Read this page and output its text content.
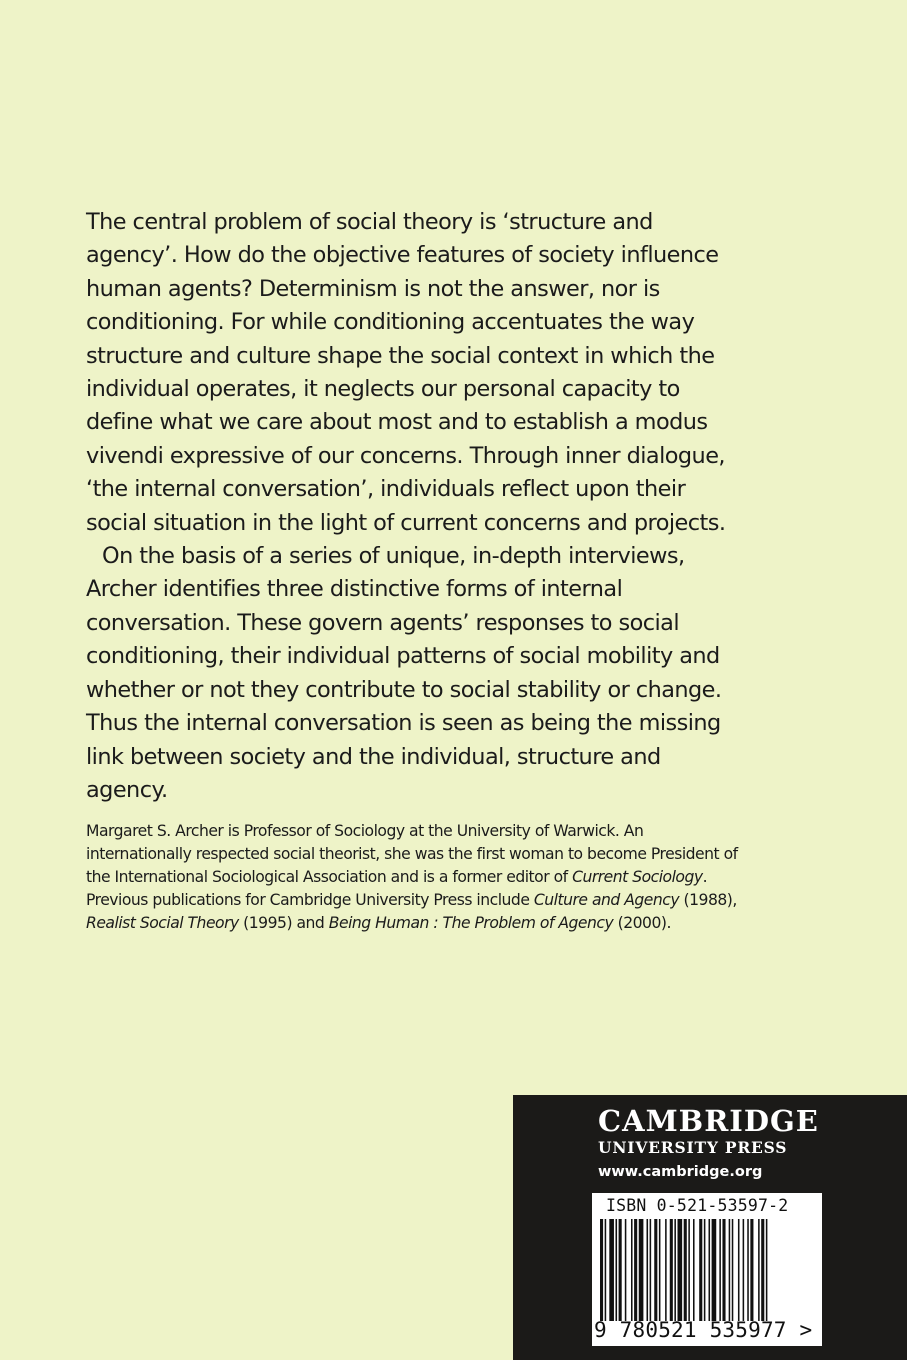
The central problem of social theory is ‘structure and agency’. How do the objective features of society influence human agents? Determinism is not the answer, nor is conditioning. For while conditioning accentuates the way structure and culture shape the social context in which the individual operates, it neglects our personal capacity to define what we care about most and to establish a modus vivendi expressive of our concerns. Through inner dialogue, ‘the internal conversation’, individuals reflect upon their social situation in the light of current concerns and projects.

On the basis of a series of unique, in-depth interviews, Archer identifies three distinctive forms of internal conversation. These govern agents’ responses to social conditioning, their individual patterns of social mobility and whether or not they contribute to social stability or change. Thus the internal conversation is seen as being the missing link between society and the individual, structure and agency.

Margaret S. Archer is Professor of Sociology at the University of Warwick. An internationally respected social theorist, she was the first woman to become President of the International Sociological Association and is a former editor of Current Sociology. Previous publications for Cambridge University Press include Culture and Agency (1988), Realist Social Theory (1995) and Being Human : The Problem of Agency (2000).

CAMBRIDGE
UNIVERSITY PRESS
www.cambridge.org
ISBN 0-521-53597-2
9 780521 535977 >
